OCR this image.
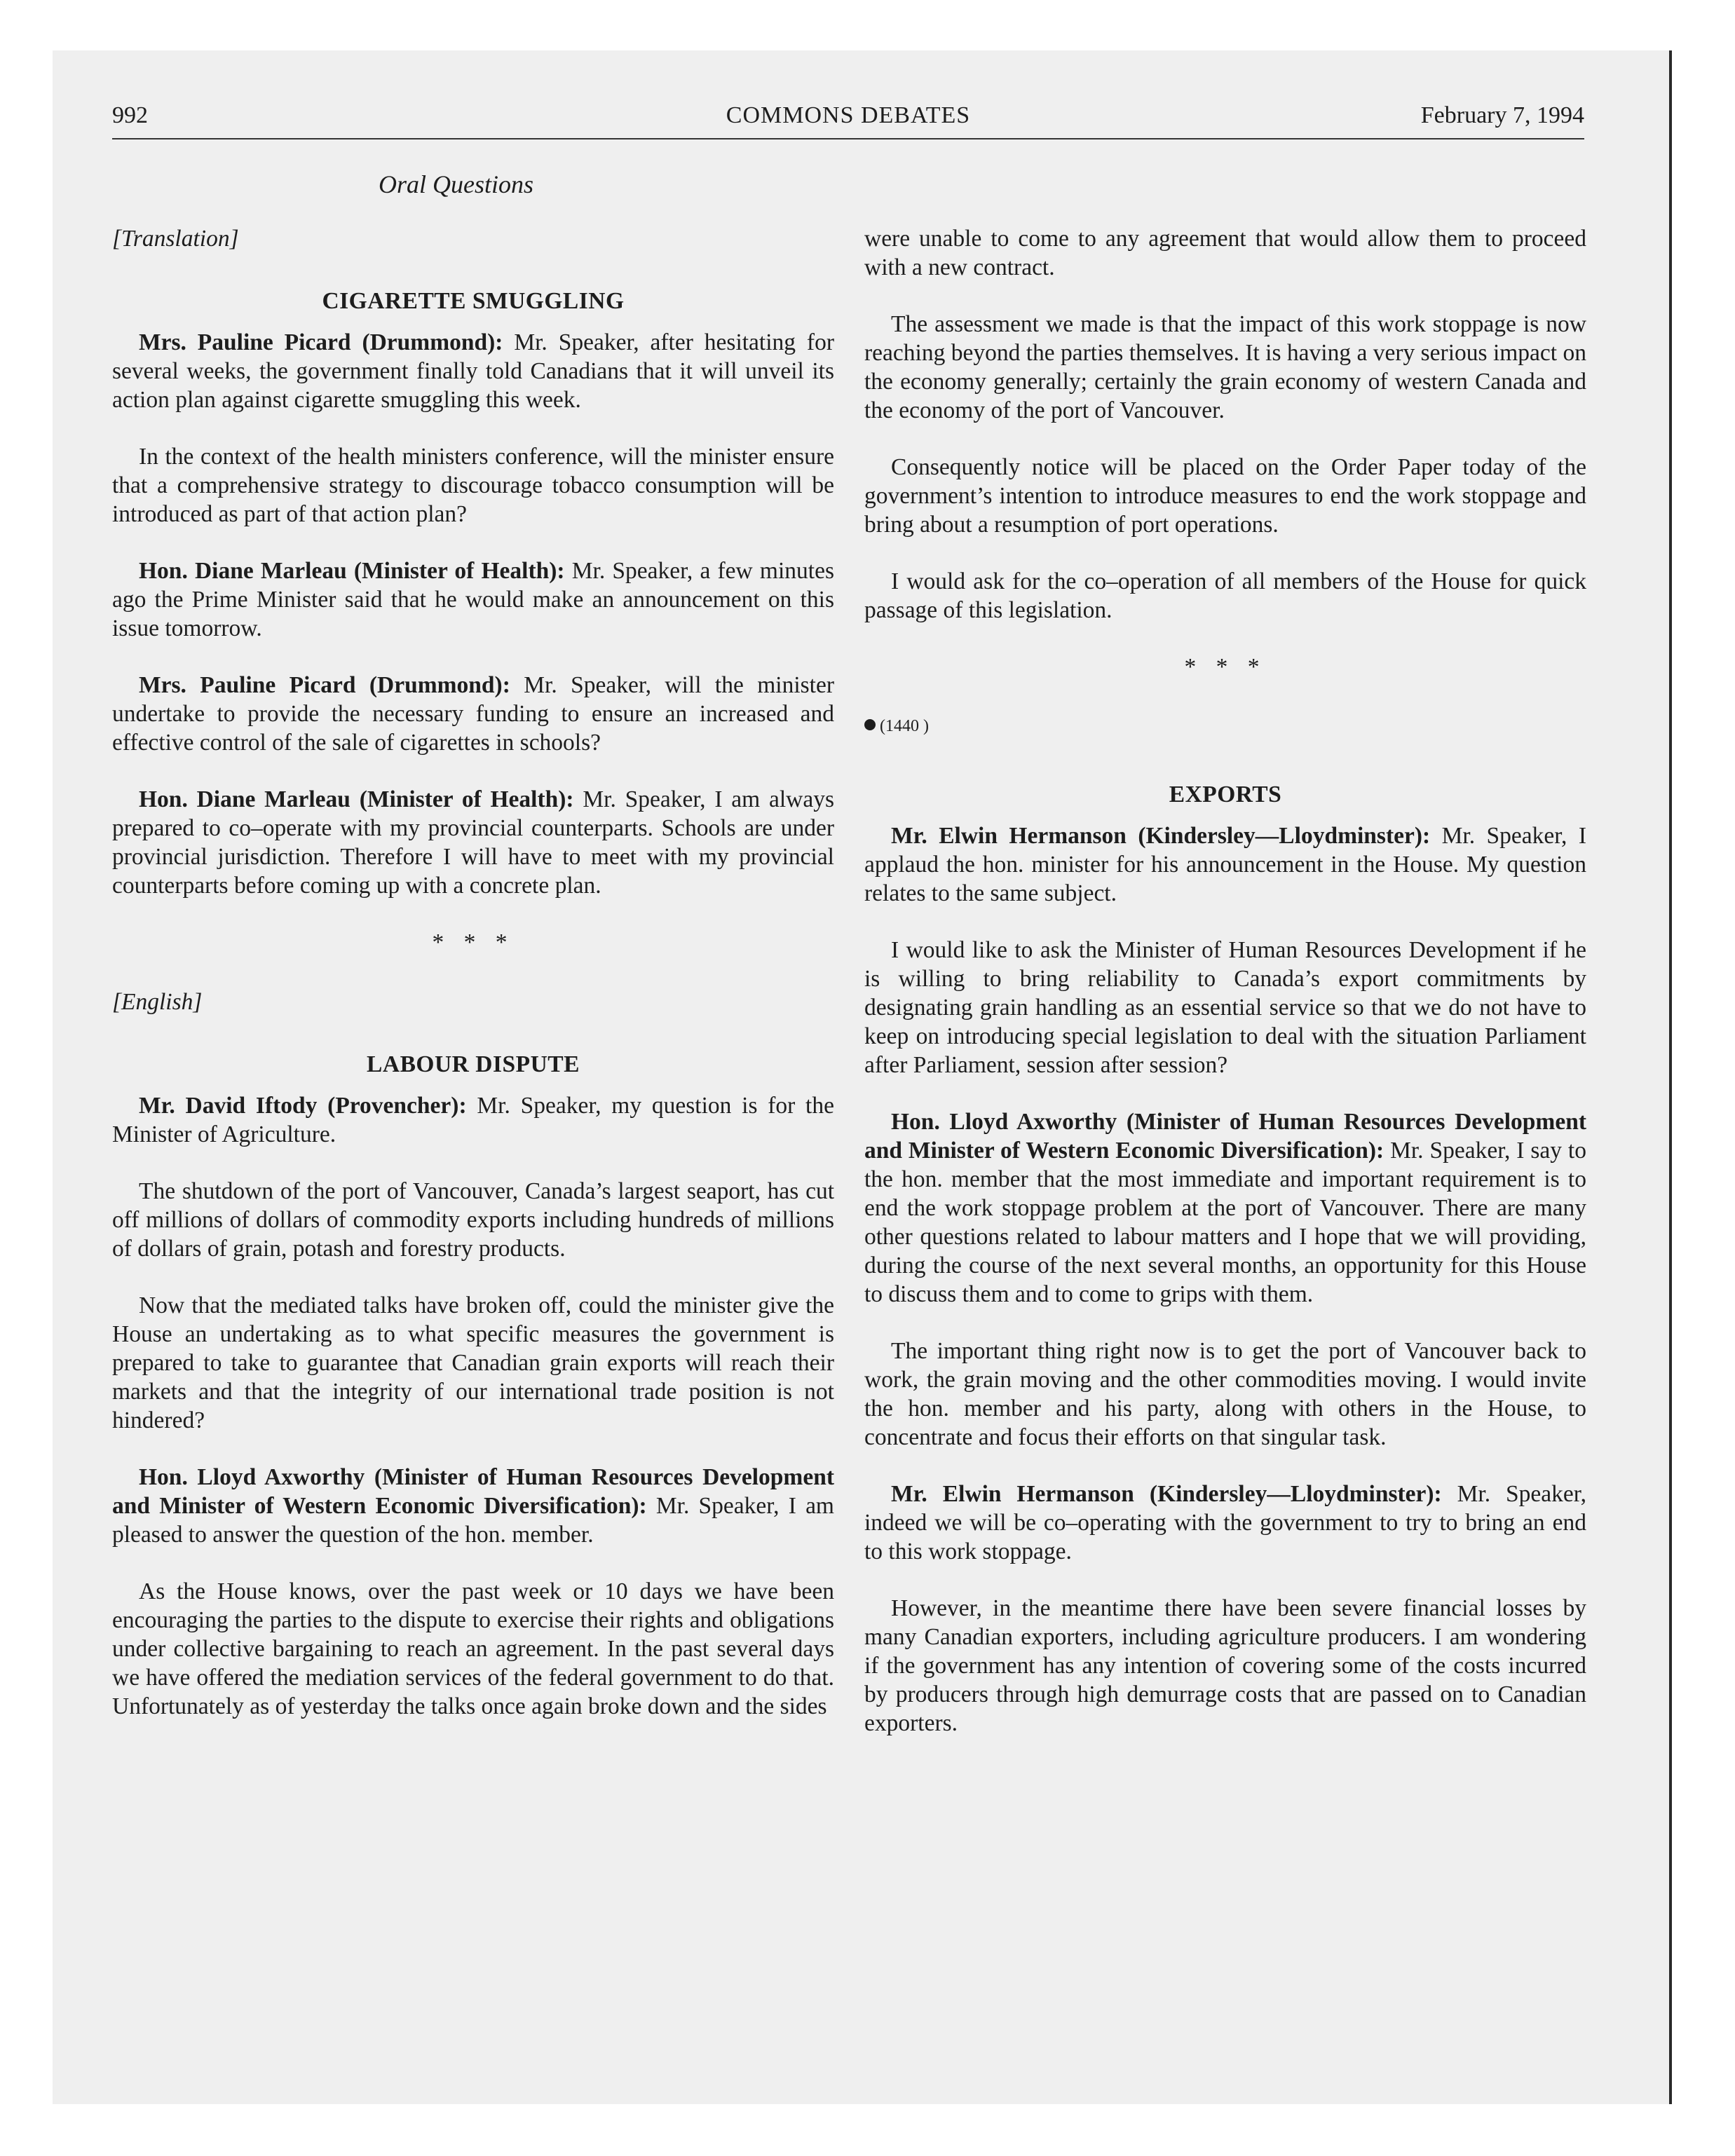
992	COMMONS DEBATES	February 7, 1994
Oral Questions
[Translation]
CIGARETTE SMUGGLING

Mrs. Pauline Picard (Drummond): Mr. Speaker, after hesitating for several weeks, the government finally told Canadians that it will unveil its action plan against cigarette smuggling this week.

In the context of the health ministers conference, will the minister ensure that a comprehensive strategy to discourage tobacco consumption will be introduced as part of that action plan?

Hon. Diane Marleau (Minister of Health): Mr. Speaker, a few minutes ago the Prime Minister said that he would make an announcement on this issue tomorrow.

Mrs. Pauline Picard (Drummond): Mr. Speaker, will the minister undertake to provide the necessary funding to ensure an increased and effective control of the sale of cigarettes in schools?

Hon. Diane Marleau (Minister of Health): Mr. Speaker, I am always prepared to co–operate with my provincial counterparts. Schools are under provincial jurisdiction. Therefore I will have to meet with my provincial counterparts before coming up with a concrete plan.

* * *
[English]
LABOUR DISPUTE

Mr. David Iftody (Provencher): Mr. Speaker, my question is for the Minister of Agriculture.

The shutdown of the port of Vancouver, Canada’s largest seaport, has cut off millions of dollars of commodity exports including hundreds of millions of dollars of grain, potash and forestry products.

Now that the mediated talks have broken off, could the minister give the House an undertaking as to what specific measures the government is prepared to take to guarantee that Canadian grain exports will reach their markets and that the integrity of our international trade position is not hindered?

Hon. Lloyd Axworthy (Minister of Human Resources Development and Minister of Western Economic Diversification): Mr. Speaker, I am pleased to answer the question of the hon. member.

As the House knows, over the past week or 10 days we have been encouraging the parties to the dispute to exercise their rights and obligations under collective bargaining to reach an agreement. In the past several days we have offered the mediation services of the federal government to do that. Unfortunately as of yesterday the talks once again broke down and the sides

were unable to come to any agreement that would allow them to proceed with a new contract.

The assessment we made is that the impact of this work stoppage is now reaching beyond the parties themselves. It is having a very serious impact on the economy generally; certainly the grain economy of western Canada and the economy of the port of Vancouver.

Consequently notice will be placed on the Order Paper today of the government’s intention to introduce measures to end the work stoppage and bring about a resumption of port operations.

I would ask for the co–operation of all members of the House for quick passage of this legislation.

* * *
(1440 )
EXPORTS

Mr. Elwin Hermanson (Kindersley—Lloydminster): Mr. Speaker, I applaud the hon. minister for his announcement in the House. My question relates to the same subject.

I would like to ask the Minister of Human Resources Development if he is willing to bring reliability to Canada’s export commitments by designating grain handling as an essential service so that we do not have to keep on introducing special legislation to deal with the situation Parliament after Parliament, session after session?

Hon. Lloyd Axworthy (Minister of Human Resources Development and Minister of Western Economic Diversification): Mr. Speaker, I say to the hon. member that the most immediate and important requirement is to end the work stoppage problem at the port of Vancouver. There are many other questions related to labour matters and I hope that we will providing, during the course of the next several months, an opportunity for this House to discuss them and to come to grips with them.

The important thing right now is to get the port of Vancouver back to work, the grain moving and the other commodities moving. I would invite the hon. member and his party, along with others in the House, to concentrate and focus their efforts on that singular task.

Mr. Elwin Hermanson (Kindersley—Lloydminster): Mr. Speaker, indeed we will be co–operating with the government to try to bring an end to this work stoppage.

However, in the meantime there have been severe financial losses by many Canadian exporters, including agriculture producers. I am wondering if the government has any intention of covering some of the costs incurred by producers through high demurrage costs that are passed on to Canadian exporters.
